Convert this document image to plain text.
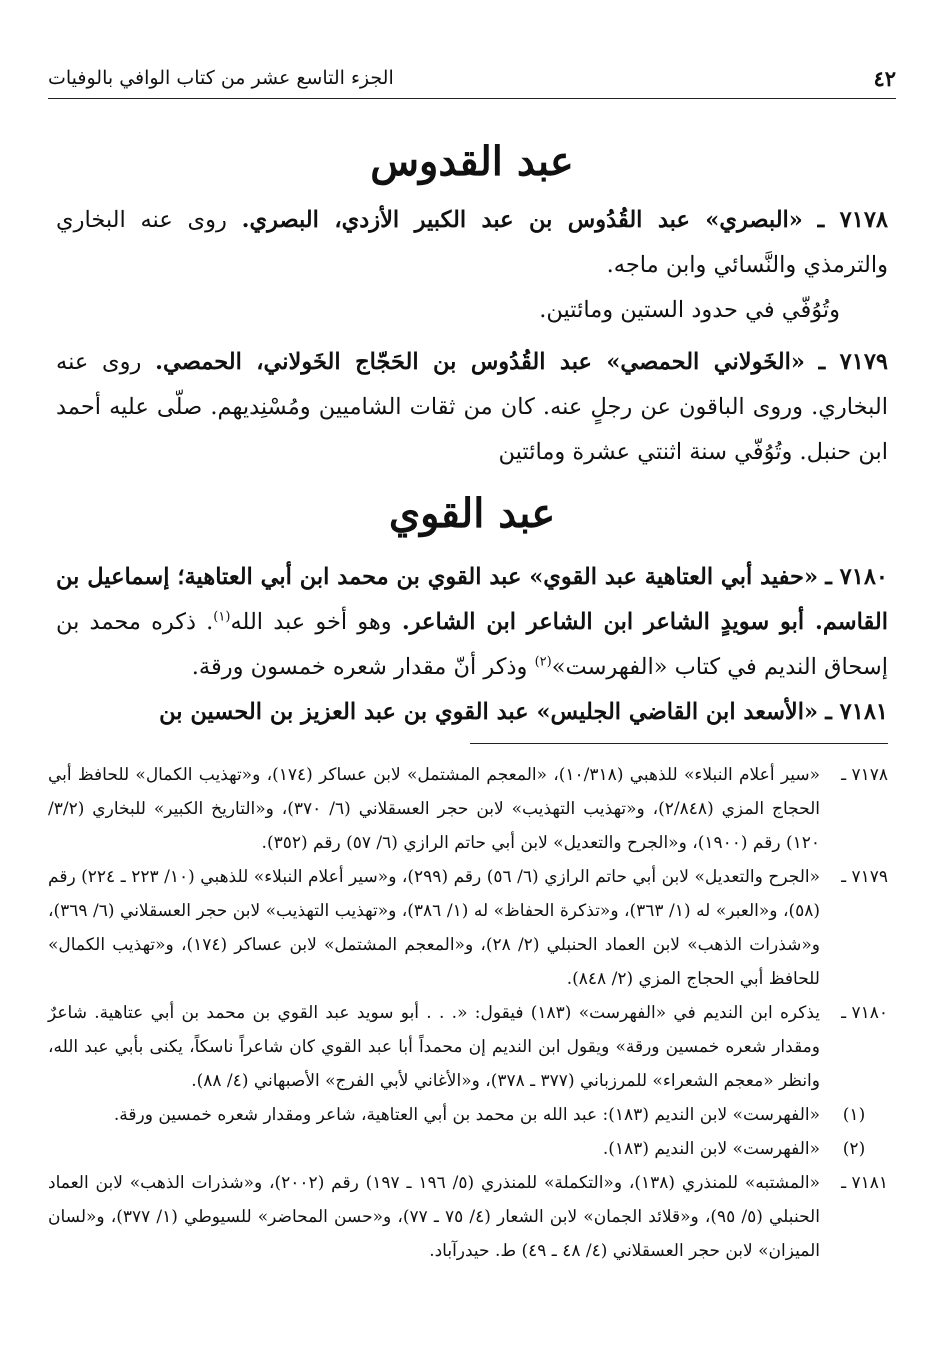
٤٢
الجزء التاسع عشر من كتاب الوافي بالوفيات
عبد القدوس

٧١٧٨ ـ «البصري» عبد القُدُوس بن عبد الكبير الأزدي، البصري. روى عنه البخاري والترمذي والنَّسائي وابن ماجه.

وتُوُفّي في حدود الستين ومائتين.

٧١٧٩ ـ «الخَولاني الحمصي» عبد القُدُوس بن الحَجّاج الخَولاني، الحمصي. روى عنه البخاري. وروى الباقون عن رجلٍ عنه. كان من ثقات الشاميين ومُسْنِديهم. صلّى عليه أحمد ابن حنبل. وتُوُفّي سنة اثنتي عشرة ومائتين

عبد القوي

٧١٨٠ ـ «حفيد أبي العتاهية عبد القوي» عبد القوي بن محمد ابن أبي العتاهية؛ إسماعيل بن القاسم. أبو سويدٍ الشاعر ابن الشاعر ابن الشاعر. وهو أخو عبد الله$^{(١)}$. ذكره محمد بن إسحاق النديم في كتاب «الفهرست»$^{(٢)}$ وذكر أنّ مقدار شعره خمسون ورقة.

٧١٨١ ـ «الأسعد ابن القاضي الجليس» عبد القوي بن عبد العزيز بن الحسين بن

٧١٧٨ ـ
«سير أعلام النبلاء» للذهبي (١٠/٣١٨)، «المعجم المشتمل» لابن عساكر (١٧٤)، و«تهذيب الكمال» للحافظ أبي الحجاج المزي (٢/٨٤٨)، و«تهذيب التهذيب» لابن حجر العسقلاني (٦/ ٣٧٠)، و«التاريخ الكبير» للبخاري (٣/٢/ ١٢٠) رقم (١٩٠٠)، و«الجرح والتعديل» لابن أبي حاتم الرازي (٦/ ٥٧) رقم (٣٥٢).
٧١٧٩ ـ
«الجرح والتعديل» لابن أبي حاتم الرازي (٦/ ٥٦) رقم (٢٩٩)، و«سير أعلام النبلاء» للذهبي (١٠/ ٢٢٣ ـ ٢٢٤) رقم (٥٨)، و«العبر» له (١/ ٣٦٣)، و«تذكرة الحفاظ» له (١/ ٣٨٦)، و«تهذيب التهذيب» لابن حجر العسقلاني (٦/ ٣٦٩)، و«شذرات الذهب» لابن العماد الحنبلي (٢/ ٢٨)، و«المعجم المشتمل» لابن عساكر (١٧٤)، و«تهذيب الكمال» للحافظ أبي الحجاج المزي (٢/ ٨٤٨).
٧١٨٠ ـ
يذكره ابن النديم في «الفهرست» (١٨٣) فيقول: «. . . أبو سويد عبد القوي بن محمد بن أبي عتاهية. شاعرٌ ومقدار شعره خمسين ورقة» ويقول ابن النديم إن محمداً أبا عبد القوي كان شاعراً ناسكاً، يكنى بأبي عبد الله، وانظر «معجم الشعراء» للمرزباني (٣٧٧ ـ ٣٧٨)، و«الأغاني لأبي الفرج» الأصبهاني (٤/ ٨٨).
(١)
«الفهرست» لابن النديم (١٨٣): عبد الله بن محمد بن أبي العتاهية، شاعر ومقدار شعره خمسين ورقة.
(٢)
«الفهرست» لابن النديم (١٨٣).
٧١٨١ ـ
«المشتبه» للمنذري (١٣٨)، و«التكملة» للمنذري (٥/ ١٩٦ ـ ١٩٧) رقم (٢٠٠٢)، و«شذرات الذهب» لابن العماد الحنبلي (٥/ ٩٥)، و«قلائد الجمان» لابن الشعار (٤/ ٧٥ ـ ٧٧)، و«حسن المحاضر» للسيوطي (١/ ٣٧٧)، و«لسان الميزان» لابن حجر العسقلاني (٤/ ٤٨ ـ ٤٩) ط. حيدرآباد.
